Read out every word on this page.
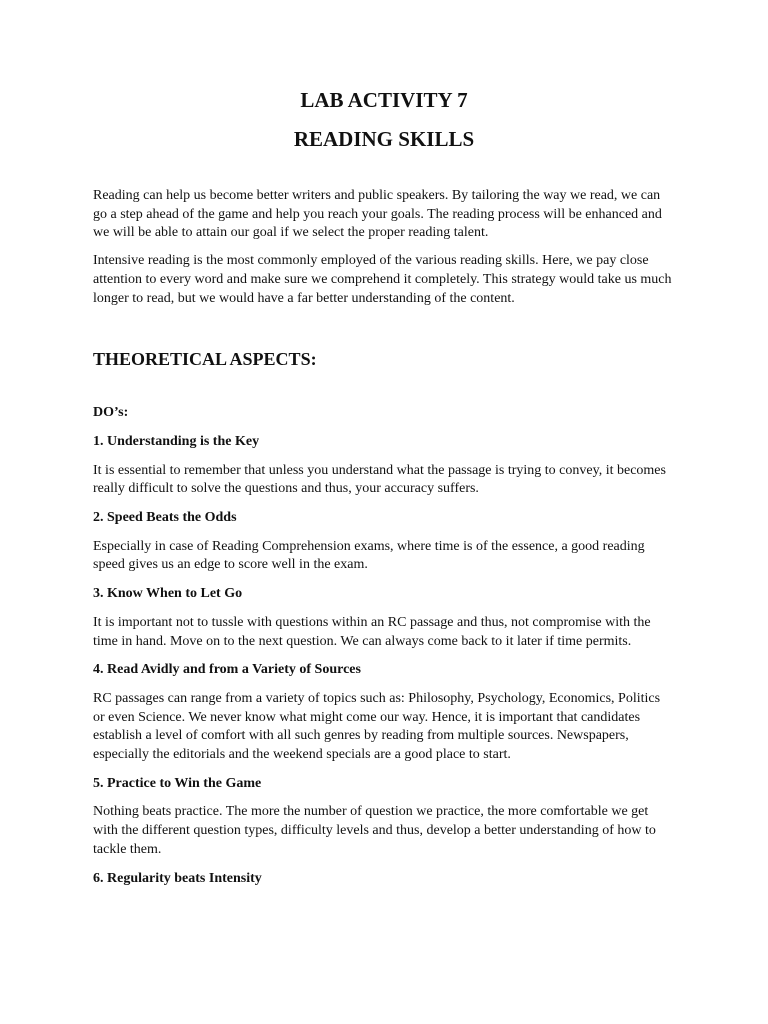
LAB ACTIVITY 7
READING SKILLS

Reading can help us become better writers and public speakers. By tailoring the way we read, we can go a step ahead of the game and help you reach your goals. The reading process will be enhanced and we will be able to attain our goal if we select the proper reading talent.

Intensive reading is the most commonly employed of the various reading skills. Here, we pay close attention to every word and make sure we comprehend it completely. This strategy would take us much longer to read, but we would have a far better understanding of the content.

THEORETICAL ASPECTS:
DO’s:
1. Understanding is the Key

It is essential to remember that unless you understand what the passage is trying to convey, it becomes really difficult to solve the questions and thus, your accuracy suffers.

2. Speed Beats the Odds

Especially in case of Reading Comprehension exams, where time is of the essence, a good reading speed gives us an edge to score well in the exam.

3. Know When to Let Go

It is important not to tussle with questions within an RC passage and thus, not compromise with the time in hand. Move on to the next question. We can always come back to it later if time permits.

4. Read Avidly and from a Variety of Sources

RC passages can range from a variety of topics such as: Philosophy, Psychology, Economics, Politics or even Science. We never know what might come our way. Hence, it is important that candidates establish a level of comfort with all such genres by reading from multiple sources. Newspapers, especially the editorials and the weekend specials are a good place to start.

5. Practice to Win the Game

Nothing beats practice. The more the number of question we practice, the more comfortable we get with the different question types, difficulty levels and thus, develop a better understanding of how to tackle them.

6. Regularity beats Intensity
